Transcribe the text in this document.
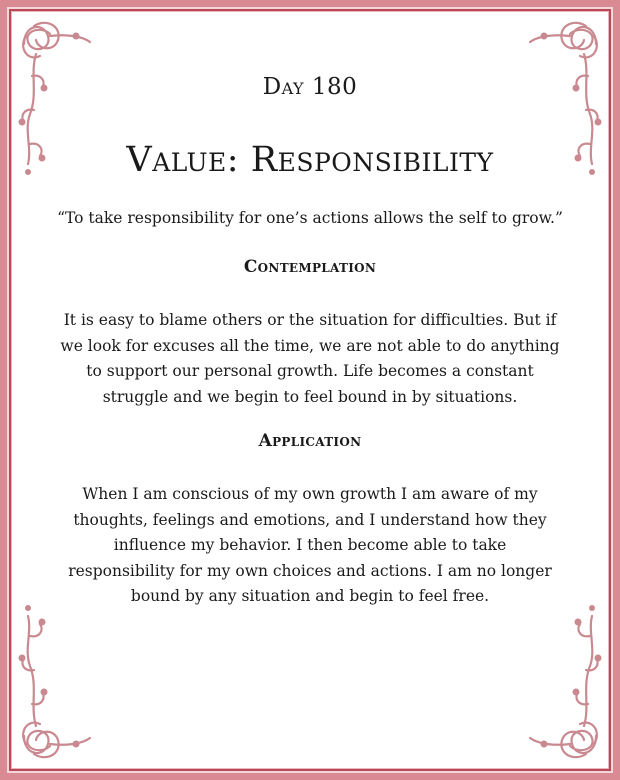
Day 180
Value: Responsibility
“To take responsibility for one’s actions allows the self to grow.”
Contemplation
It is easy to blame others or the situation for difficulties. But if we look for excuses all the time, we are not able to do anything to support our personal growth. Life becomes a constant struggle and we begin to feel bound in by situations.
Application
When I am conscious of my own growth I am aware of my thoughts, feelings and emotions, and I understand how they influence my behavior. I then become able to take responsibility for my own choices and actions. I am no longer bound by any situation and begin to feel free.
